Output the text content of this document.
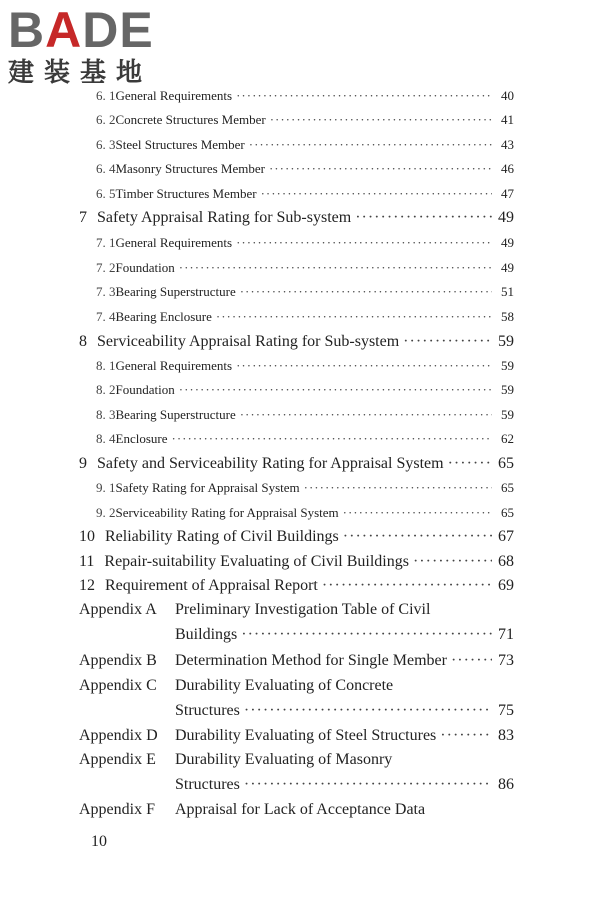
BADE
建装基地
6. 1 General Requirements ·····	40
6. 2 Concrete Structures Member ·····	41
6. 3 Steel Structures Member ·····	43
6. 4 Masonry Structures Member ·····	46
6. 5 Timber Structures Member ·····	47
7 Safety Appraisal Rating for Sub-system ·····	49
7. 1 General Requirements ·····	49
7. 2 Foundation ·····	49
7. 3 Bearing Superstructure ·····	51
7. 4 Bearing Enclosure ·····	58
8 Serviceability Appraisal Rating for Sub-system ·····	59
8. 1 General Requirements ·····	59
8. 2 Foundation ·····	59
8. 3 Bearing Superstructure ·····	59
8. 4 Enclosure ·····	62
9 Safety and Serviceability Rating for Appraisal System ·····	65
9. 1 Safety Rating for Appraisal System ·····	65
9. 2 Serviceability Rating for Appraisal System ·····	65
10 Reliability Rating of Civil Buildings ·····	67
11 Repair-suitability Evaluating of Civil Buildings ·····	68
12 Requirement of Appraisal Report ·····	69
Appendix A Preliminary Investigation Table of Civil
Buildings ·····	71
Appendix B Determination Method for Single Member ·····	73
Appendix C Durability Evaluating of Concrete
Structures ·····	75
Appendix D Durability Evaluating of Steel Structures ·····	83
Appendix E Durability Evaluating of Masonry
Structures ·····	86
Appendix F Appraisal for Lack of Acceptance Data
10
